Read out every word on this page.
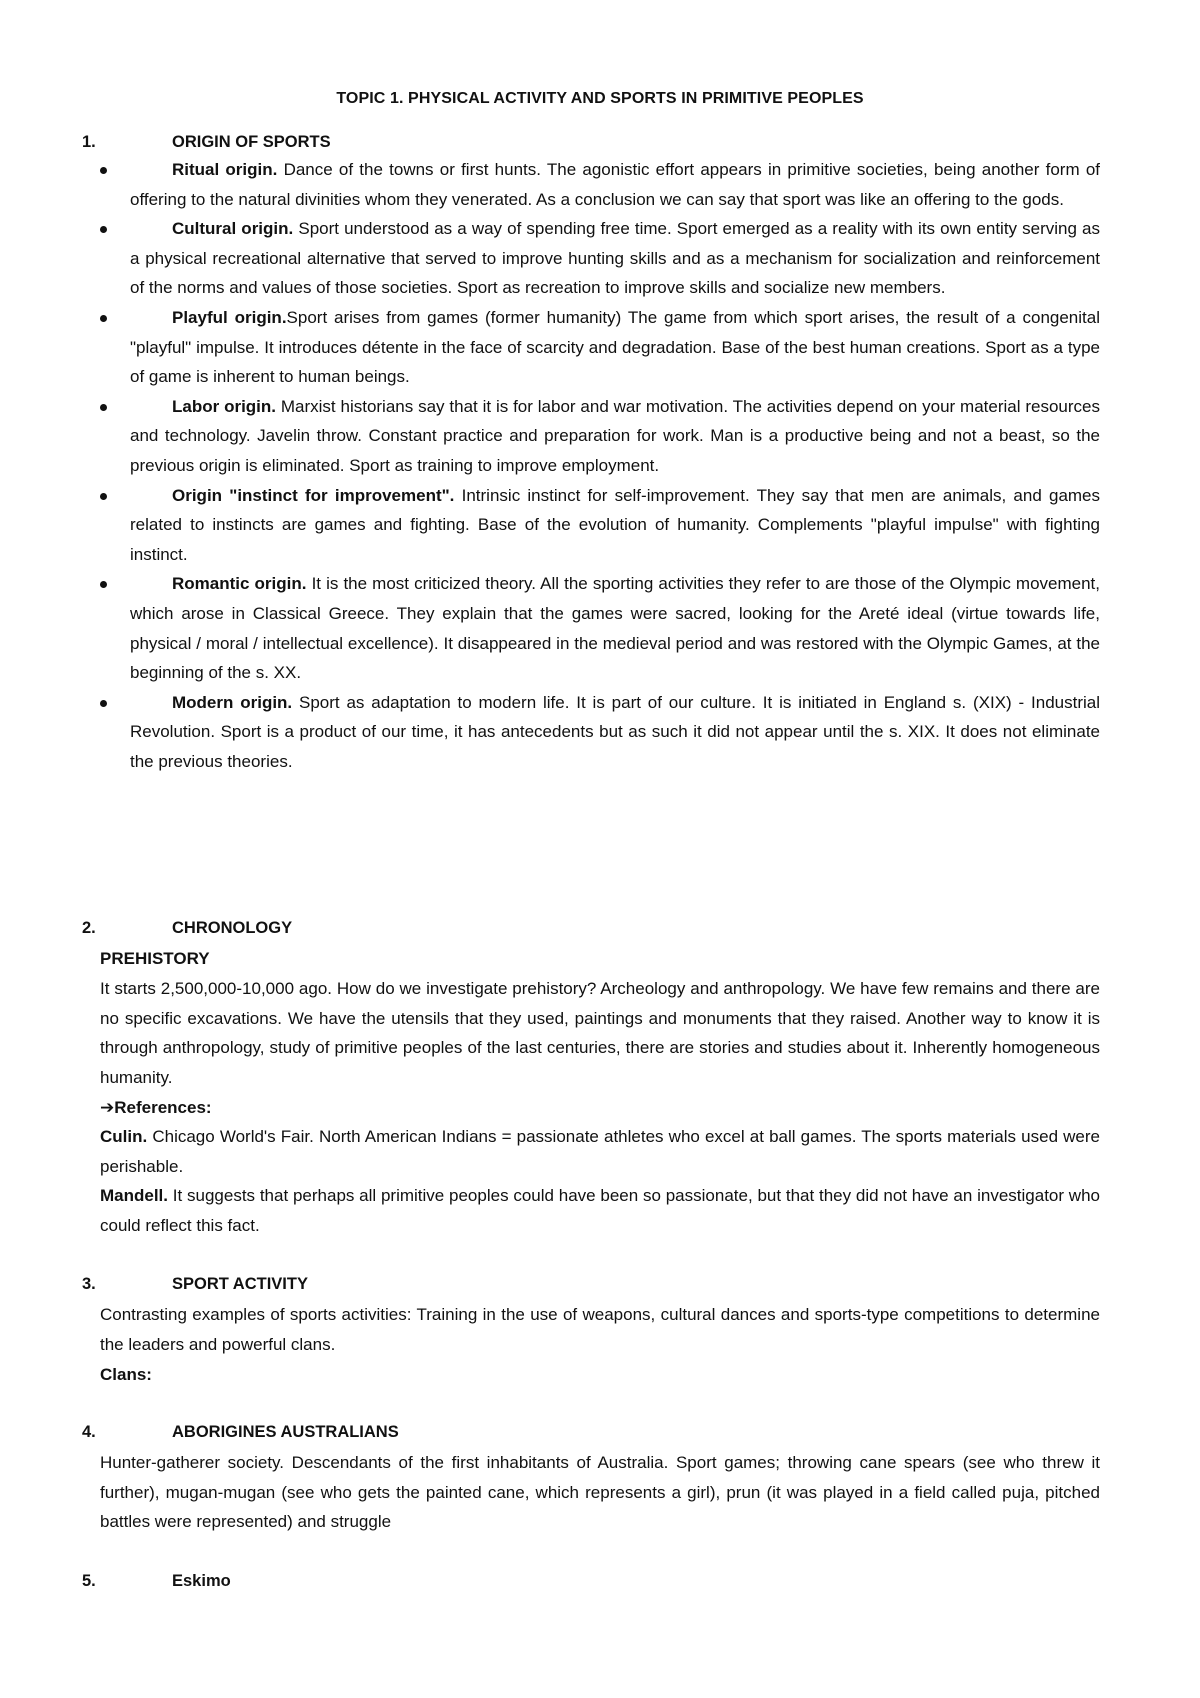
TOPIC 1. PHYSICAL ACTIVITY AND SPORTS IN PRIMITIVE PEOPLES
1.	ORIGIN OF SPORTS
Ritual origin. Dance of the towns or first hunts. The agonistic effort appears in primitive societies, being another form of offering to the natural divinities whom they venerated. As a conclusion we can say that sport was like an offering to the gods.
Cultural origin. Sport understood as a way of spending free time. Sport emerged as a reality with its own entity serving as a physical recreational alternative that served to improve hunting skills and as a mechanism for socialization and reinforcement of the norms and values of those societies. Sport as recreation to improve skills and socialize new members.
Playful origin.Sport arises from games (former humanity) The game from which sport arises, the result of a congenital "playful" impulse. It introduces détente in the face of scarcity and degradation. Base of the best human creations. Sport as a type of game is inherent to human beings.
Labor origin. Marxist historians say that it is for labor and war motivation. The activities depend on your material resources and technology. Javelin throw. Constant practice and preparation for work. Man is a productive being and not a beast, so the previous origin is eliminated. Sport as training to improve employment.
Origin "instinct for improvement". Intrinsic instinct for self-improvement. They say that men are animals, and games related to instincts are games and fighting. Base of the evolution of humanity. Complements "playful impulse" with fighting instinct.
Romantic origin. It is the most criticized theory. All the sporting activities they refer to are those of the Olympic movement, which arose in Classical Greece. They explain that the games were sacred, looking for the Areté ideal (virtue towards life, physical / moral / intellectual excellence). It disappeared in the medieval period and was restored with the Olympic Games, at the beginning of the s. XX.
Modern origin. Sport as adaptation to modern life. It is part of our culture. It is initiated in England s. (XIX) - Industrial Revolution. Sport is a product of our time, it has antecedents but as such it did not appear until the s. XIX. It does not eliminate the previous theories.
2.	CHRONOLOGY
PREHISTORY

It starts 2,500,000-10,000 ago. How do we investigate prehistory? Archeology and anthropology. We have few remains and there are no specific excavations. We have the utensils that they used, paintings and monuments that they raised. Another way to know it is through anthropology, study of primitive peoples of the last centuries, there are stories and studies about it. Inherently homogeneous humanity.

➔References:

Culin. Chicago World's Fair. North American Indians = passionate athletes who excel at ball games. The sports materials used were perishable.

Mandell. It suggests that perhaps all primitive peoples could have been so passionate, but that they did not have an investigator who could reflect this fact.

3.	SPORT ACTIVITY

Contrasting examples of sports activities: Training in the use of weapons, cultural dances and sports-type competitions to determine the leaders and powerful clans.

Clans:
4.	ABORIGINES AUSTRALIANS

Hunter-gatherer society. Descendants of the first inhabitants of Australia. Sport games; throwing cane spears (see who threw it further), mugan-mugan (see who gets the painted cane, which represents a girl), prun (it was played in a field called puja, pitched battles were represented) and struggle

5.	Eskimo
